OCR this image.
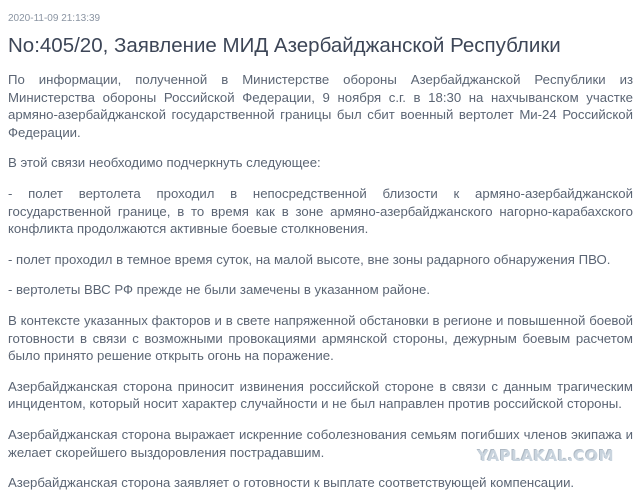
2020-11-09 21:13:39
No:405/20, Заявление МИД Азербайджанской Республики

По информации, полученной в Министерстве обороны Азербайджанской Республики из Министерства обороны Российской Федерации, 9 ноября с.г. в 18:30 на нахчыванском участке армяно-азербайджанской государственной границы был сбит военный вертолет Ми-24 Российской Федерации.

В этой связи необходимо подчеркнуть следующее:

- полет вертолета проходил в непосредственной близости к армяно-азербайджанской государственной границе, в то время как в зоне армяно-азербайджанского нагорно-карабахского конфликта продолжаются активные боевые столкновения.

- полет проходил в темное время суток, на малой высоте, вне зоны радарного обнаружения ПВО.

- вертолеты ВВС РФ прежде не были замечены в указанном районе.

В контексте указанных факторов и в свете напряженной обстановки в регионе и повышенной боевой готовности в связи с возможными провокациями армянской стороны, дежурным боевым расчетом было принято решение открыть огонь на поражение.

Азербайджанская сторона приносит извинения российской стороне в связи с данным трагическим инцидентом, который носит характер случайности и не был направлен против российской стороны.

Азербайджанская сторона выражает искренние соболезнования семьям погибших членов экипажа и желает скорейшего выздоровления пострадавшим.

Азербайджанская сторона заявляет о готовности к выплате соответствующей компенсации.

YAPLAKAL.COM
